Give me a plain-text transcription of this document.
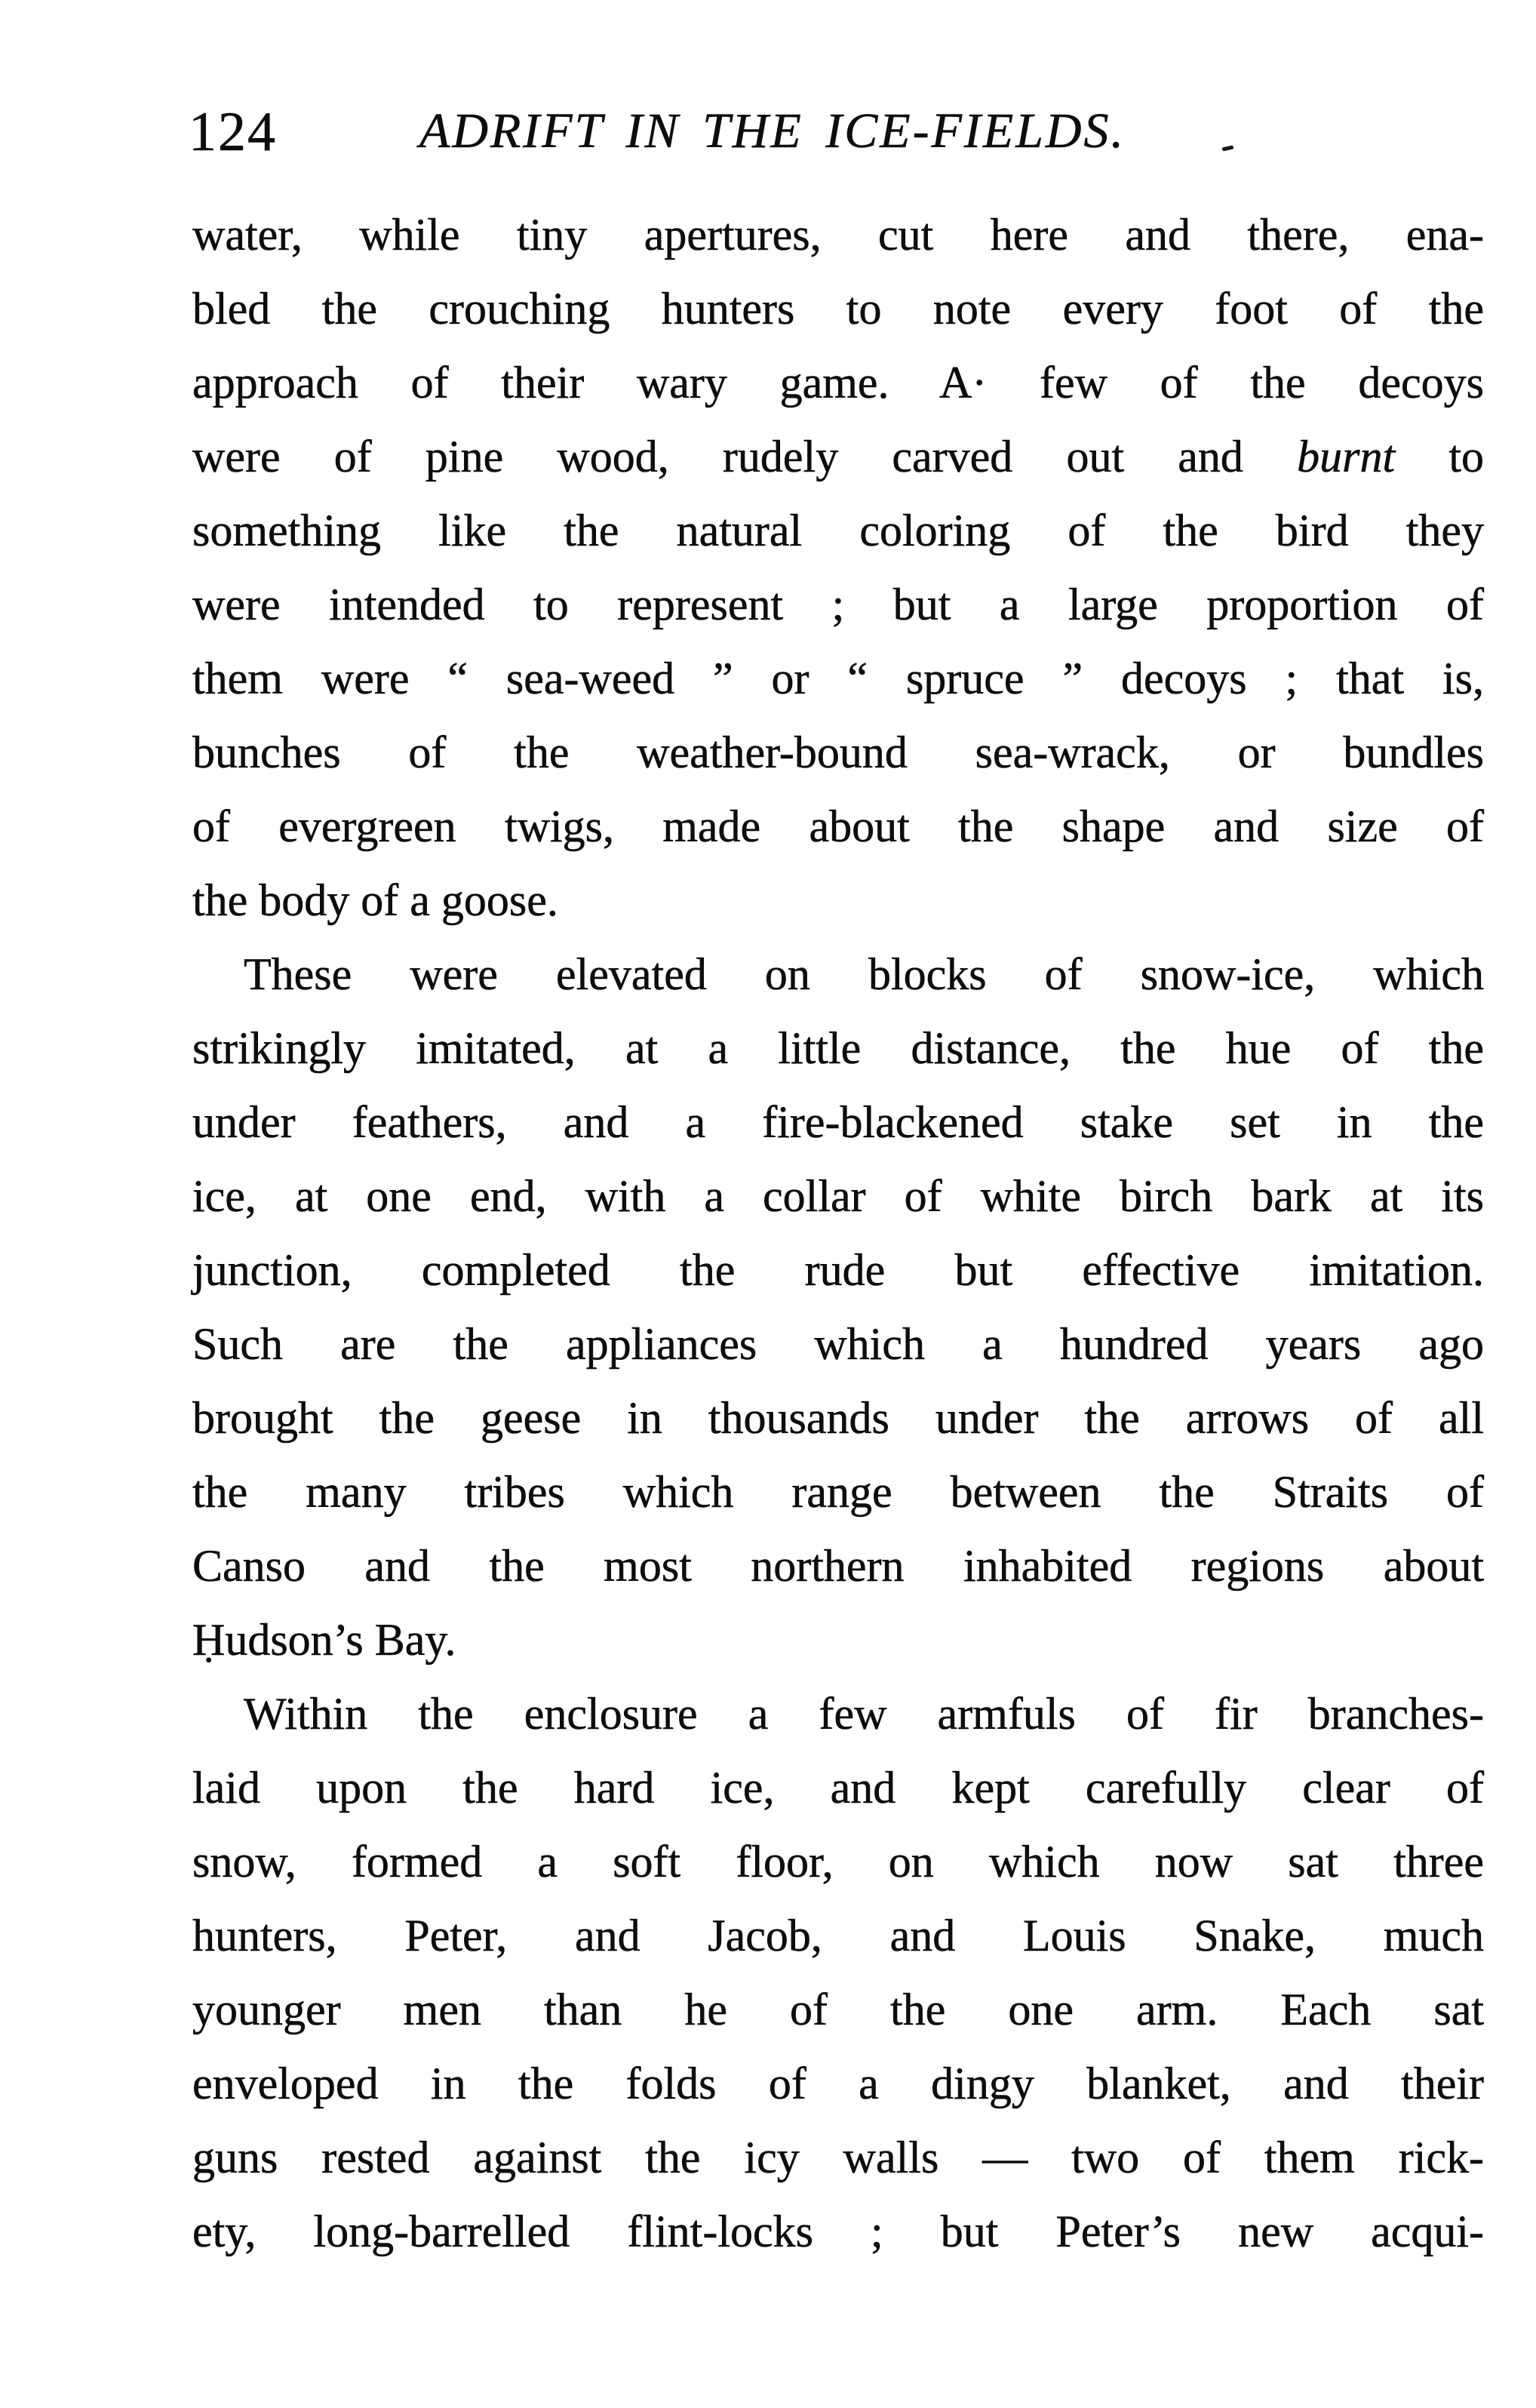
124	ADRIFT IN THE ICE-FIELDS.
water, while tiny apertures, cut here and there, ena-
bled the crouching hunters to note every foot of the
approach of their wary game. A· few of the decoys
were of pine wood, rudely carved out and burnt to
something like the natural coloring of the bird they
were intended to represent ; but a large proportion of
them were “ sea-weed ” or “ spruce ” decoys ; that is,
bunches of the weather-bound sea-wrack, or bundles
of evergreen twigs, made about the shape and size of
the body of a goose.
These were elevated on blocks of snow-ice, which
strikingly imitated, at a little distance, the hue of the
under feathers, and a fire-blackened stake set in the
ice, at one end, with a collar of white birch bark at its
junction, completed the rude but effective imitation.
Such are the appliances which a hundred years ago
brought the geese in thousands under the arrows of all
the many tribes which range between the Straits of
Canso and the most northern inhabited regions about
Ḥudson’s Bay.
Within the enclosure a few armfuls of fir branches-
laid upon the hard ice, and kept carefully clear of
snow, formed a soft floor, on which now sat three
hunters, Peter, and Jacob, and Louis Snake, much
younger men than he of the one arm. Each sat
enveloped in the folds of a dingy blanket, and their
guns rested against the icy walls — two of them rick-
ety, long-barrelled flint-locks ; but Peter’s new acqui-
